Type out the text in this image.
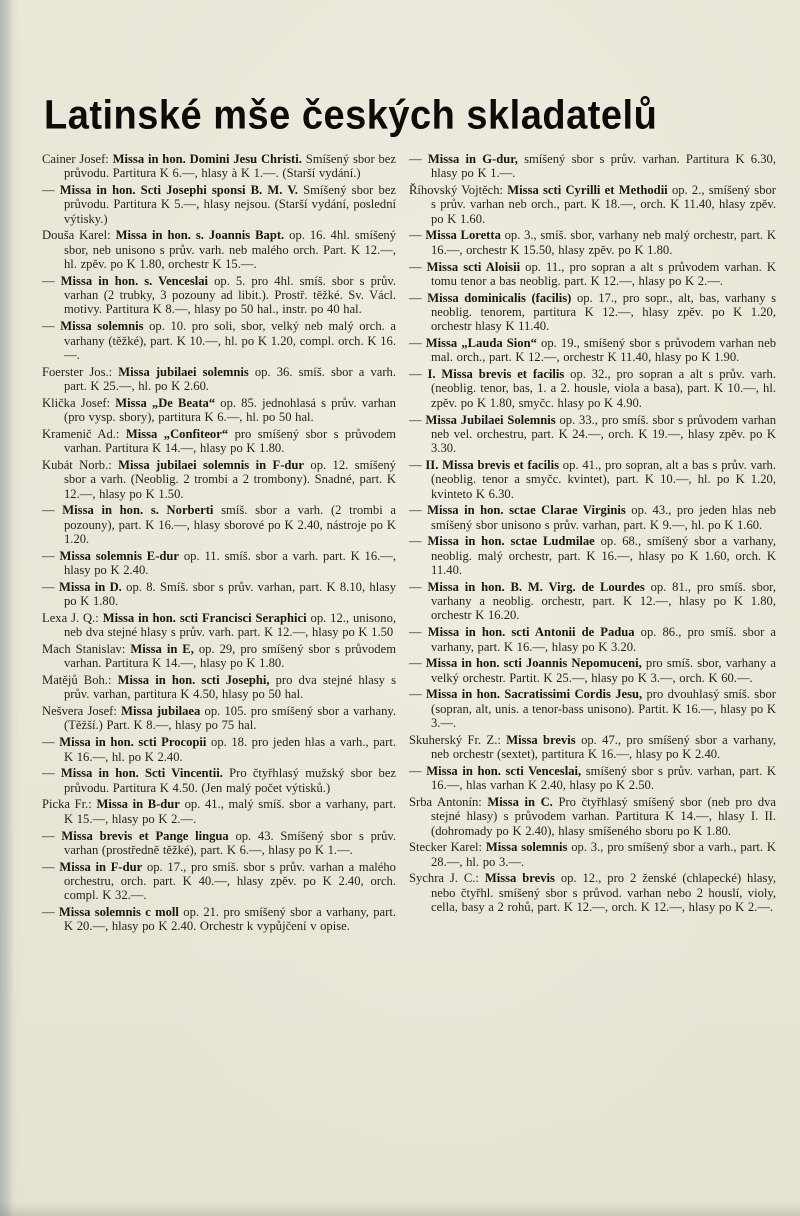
Latinské mše českých skladatelů

Cainer Josef: Missa in hon. Domini Jesu Christi. Smíšený sbor bez průvodu. Partitura K 6.—, hlasy à K 1.—. (Starší vydání.)

— Missa in hon. Scti Josephi sponsi B. M. V. Smíšený sbor bez průvodu. Partitura K 5.—, hlasy nejsou. (Starší vydání, poslední výtisky.)

Douša Karel: Missa in hon. s. Joannis Bapt. op. 16. 4hl. smíšený sbor, neb unisono s prův. varh. neb malého orch. Part. K 12.—, hl. zpěv. po K 1.80, orchestr K 15.—.

— Missa in hon. s. Venceslai op. 5. pro 4hl. smíš. sbor s prův. varhan (2 trubky, 3 pozouny ad libit.). Prostř. těžké. Sv. Václ. motivy. Partitura K 8.—, hlasy po 50 hal., instr. po 40 hal.

— Missa solemnis op. 10. pro soli, sbor, velký neb malý orch. a varhany (těžké), part. K 10.—, hl. po K 1.20, compl. orch. K 16.—.

Foerster Jos.: Missa jubilaei solemnis op. 36. smíš. sbor a varh. part. K 25.—, hl. po K 2.60.

Klička Josef: Missa „De Beata“ op. 85. jednohlasá s prův. varhan (pro vysp. sbory), partitura K 6.—, hl. po 50 hal.

Kramenič Ad.: Missa „Confiteor“ pro smíšený sbor s průvodem varhan. Partitura K 14.—, hlasy po K 1.80.

Kubát Norb.: Missa jubilaei solemnis in F-dur op. 12. smíšený sbor a varh. (Neoblig. 2 trombi a 2 trombony). Snadné, part. K 12.—, hlasy po K 1.50.

— Missa in hon. s. Norberti smíš. sbor a varh. (2 trombi a pozouny), part. K 16.—, hlasy sborové po K 2.40, nástroje po K 1.20.

— Missa solemnis E-dur op. 11. smíš. sbor a varh. part. K 16.—, hlasy po K 2.40.

— Missa in D. op. 8. Smíš. sbor s prův. varhan, part. K 8.10, hlasy po K 1.80.

Lexa J. Q.: Missa in hon. scti Francisci Seraphici op. 12., unisono, neb dva stejné hlasy s prův. varh. part. K 12.—, hlasy po K 1.50

Mach Stanislav: Missa in E, op. 29, pro smíšený sbor s průvodem varhan. Partitura K 14.—, hlasy po K 1.80.

Matějů Boh.: Missa in hon. scti Josephi, pro dva stejné hlasy s prův. varhan, partitura K 4.50, hlasy po 50 hal.

Nešvera Josef: Missa jubilaea op. 105. pro smíšený sbor a varhany. (Těžší.) Part. K 8.—, hlasy po 75 hal.

— Missa in hon. scti Procopii op. 18. pro jeden hlas a varh., part. K 16.—, hl. po K 2.40.

— Missa in hon. Scti Vincentii. Pro čtyřhlasý mužský sbor bez průvodu. Partitura K 4.50. (Jen malý počet výtisků.)

Picka Fr.: Missa in B-dur op. 41., malý smíš. sbor a varhany, part. K 15.—, hlasy po K 2.—.

— Missa brevis et Pange lingua op. 43. Smíšený sbor s prův. varhan (prostředně těžké), part. K 6.—, hlasy po K 1.—.

— Missa in F-dur op. 17., pro smíš. sbor s prův. varhan a malého orchestru, orch. part. K 40.—, hlasy zpěv. po K 2.40, orch. compl. K 32.—.

— Missa solemnis c moll op. 21. pro smíšený sbor a varhany, part. K 20.—, hlasy po K 2.40. Orchestr k vypůjčení v opise.

— Missa in G-dur, smíšený sbor s prův. varhan. Partitura K 6.30, hlasy po K 1.—.

Říhovský Vojtěch: Missa scti Cyrilli et Methodii op. 2., smíšený sbor s prův. varhan neb orch., part. K 18.—, orch. K 11.40, hlasy zpěv. po K 1.60.

— Missa Loretta op. 3., smíš. sbor, varhany neb malý orchestr, part. K 16.—, orchestr K 15.50, hlasy zpěv. po K 1.80.

— Missa scti Aloisii op. 11., pro sopran a alt s průvodem varhan. K tomu tenor a bas neoblig. part. K 12.—, hlasy po K 2.—.

— Missa dominicalis (facilis) op. 17., pro sopr., alt, bas, varhany s neoblig. tenorem, partitura K 12.—, hlasy zpěv. po K 1.20, orchestr hlasy K 11.40.

— Missa „Lauda Sion“ op. 19., smíšený sbor s průvodem varhan neb mal. orch., part. K 12.—, orchestr K 11.40, hlasy po K 1.90.

— I. Missa brevis et facilis op. 32., pro sopran a alt s prův. varh. (neoblig. tenor, bas, 1. a 2. housle, viola a basa), part. K 10.—, hl. zpěv. po K 1.80, smyčc. hlasy po K 4.90.

— Missa Jubilaei Solemnis op. 33., pro smíš. sbor s průvodem varhan neb vel. orchestru, part. K 24.—, orch. K 19.—, hlasy zpěv. po K 3.30.

— II. Missa brevis et facilis op. 41., pro sopran, alt a bas s prův. varh. (neoblig. tenor a smyčc. kvintet), part. K 10.—, hl. po K 1.20, kvinteto K 6.30.

— Missa in hon. sctae Clarae Virginis op. 43., pro jeden hlas neb smíšený sbor unisono s prův. varhan, part. K 9.—, hl. po K 1.60.

— Missa in hon. sctae Ludmilae op. 68., smíšený sbor a varhany, neoblig. malý orchestr, part. K 16.—, hlasy po K 1.60, orch. K 11.40.

— Missa in hon. B. M. Virg. de Lourdes op. 81., pro smíš. sbor, varhany a neoblig. orchestr, part. K 12.—, hlasy po K 1.80, orchestr K 16.20.

— Missa in hon. scti Antonii de Padua op. 86., pro smíš. sbor a varhany, part. K 16.—, hlasy po K 3.20.

— Missa in hon. scti Joannis Nepomuceni, pro smíš. sbor, varhany a velký orchestr. Partit. K 25.—, hlasy po K 3.—, orch. K 60.—.

— Missa in hon. Sacratissimi Cordis Jesu, pro dvouhlasý smíš. sbor (sopran, alt, unis. a tenor-bass unisono). Partit. K 16.—, hlasy po K 3.—.

Skuherský Fr. Z.: Missa brevis op. 47., pro smíšený sbor a varhany, neb orchestr (sextet), partitura K 16.—, hlasy po K 2.40.

— Missa in hon. scti Venceslai, smíšený sbor s prův. varhan, part. K 16.—, hlas varhan K 2.40, hlasy po K 2.50.

Srba Antonín: Missa in C. Pro čtyřhlasý smíšený sbor (neb pro dva stejné hlasy) s průvodem varhan. Partitura K 14.—, hlasy I. II. (dohromady po K 2.40), hlasy smíšeného sboru po K 1.80.

Stecker Karel: Missa solemnis op. 3., pro smíšený sbor a varh., part. K 28.—, hl. po 3.—.

Sychra J. C.: Missa brevis op. 12., pro 2 ženské (chlapecké) hlasy, nebo čtyřhl. smíšený sbor s průvod. varhan nebo 2 houslí, violy, cella, basy a 2 rohů, part. K 12.—, orch. K 12.—, hlasy po K 2.—.
